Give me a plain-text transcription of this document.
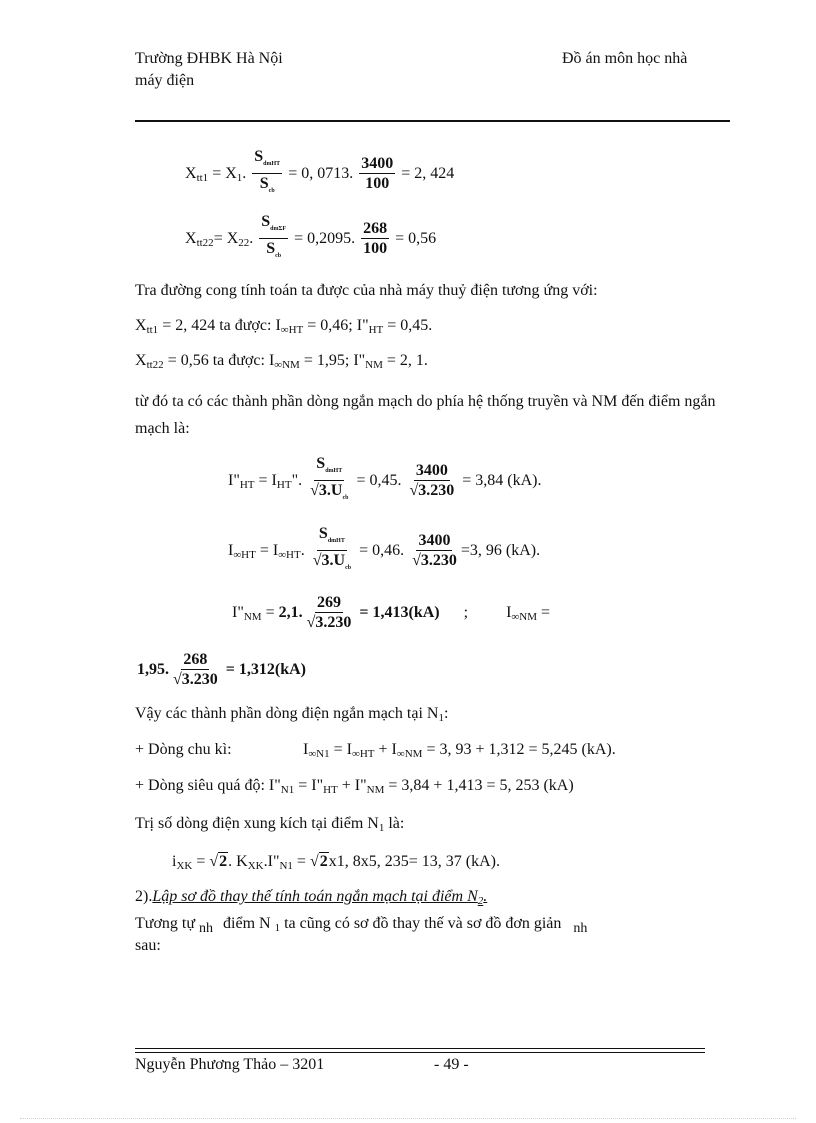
Trường ĐHBK Hà Nội	Đồ án môn học nhà
máy điện
$X_{tt1} = X_1$. $\frac{S_{dmHT}}{S_{cb}} = 0$, 0713. $\frac{3400}{100} = 2$, 424
$X_{tt22}= X_{22}$. $\frac{S_{dm\Sigma F}}{S_{cb}} = 0,2095$. $\frac{268}{100} = 0,56$
Tra đường cong tính toán ta được của nhà máy thuỷ điện tương ứng với:
$X_{tt1} = 2$, 424 ta được: $I_{\infty HT} = 0,46$; $I"_{HT} = 0,45$.
$X_{tt22} = 0,56$ ta được: $I_{\infty NM} = 1,95$; $I"_{NM} = 2$, 1.
từ đó ta có các thành phần dòng ngắn mạch do phía hệ thống truyền và NM đến điểm ngắn mạch là:
$I"_{HT} = I_{HT}$". $\frac{S_{dmHT}}{√3.U_{cb}} = 0,45$. $\frac{3400}{√3.230} = 3,84$ (kA).
$I_{\infty HT} = I_{\infty HT}$. $\frac{S_{dmHT}}{√3.U_{cb}} = 0,46$. $\frac{3400}{√3.230} =3$, 96 (kA).
$I"_{NM} = 2,1$. $\frac{269}{√3.230} = 1,413(kA)$ ; $I_{\infty NM}$ =
1,95. $\frac{268}{√3.230} = 1,312(kA)$
Vậy các thành phần dòng điện ngắn mạch tại $N_1$:
+ Dòng chu kì:	$I_{\infty N1} = I_{\infty HT} + I_{\infty NM} = 3$, 93 + 1,312 = 5,245 (kA).
+ Dòng siêu quá độ: $I"_{N1}$ = $I"_{HT}$ + $I"_{NM} = 3,84 + 1,413 = 5$, 253 (kA)
Trị số dòng điện xung kích tại điểm $N_1$ là:
$i_{XK} = √2$. $K_{XK}.I"_{N1} = √2x1$, 8x5, 235= 13, 37 (kA).
2).Lập sơ đồ thay thế tính toán ngắn mạch tại điểm $N_2$.
Tương tự nh điểm N $_1$ ta cũng có sơ đồ thay thế và sơ đồ đơn giản nh
sau:
Nguyễn Phương Thảo – 3201	- 49 -
